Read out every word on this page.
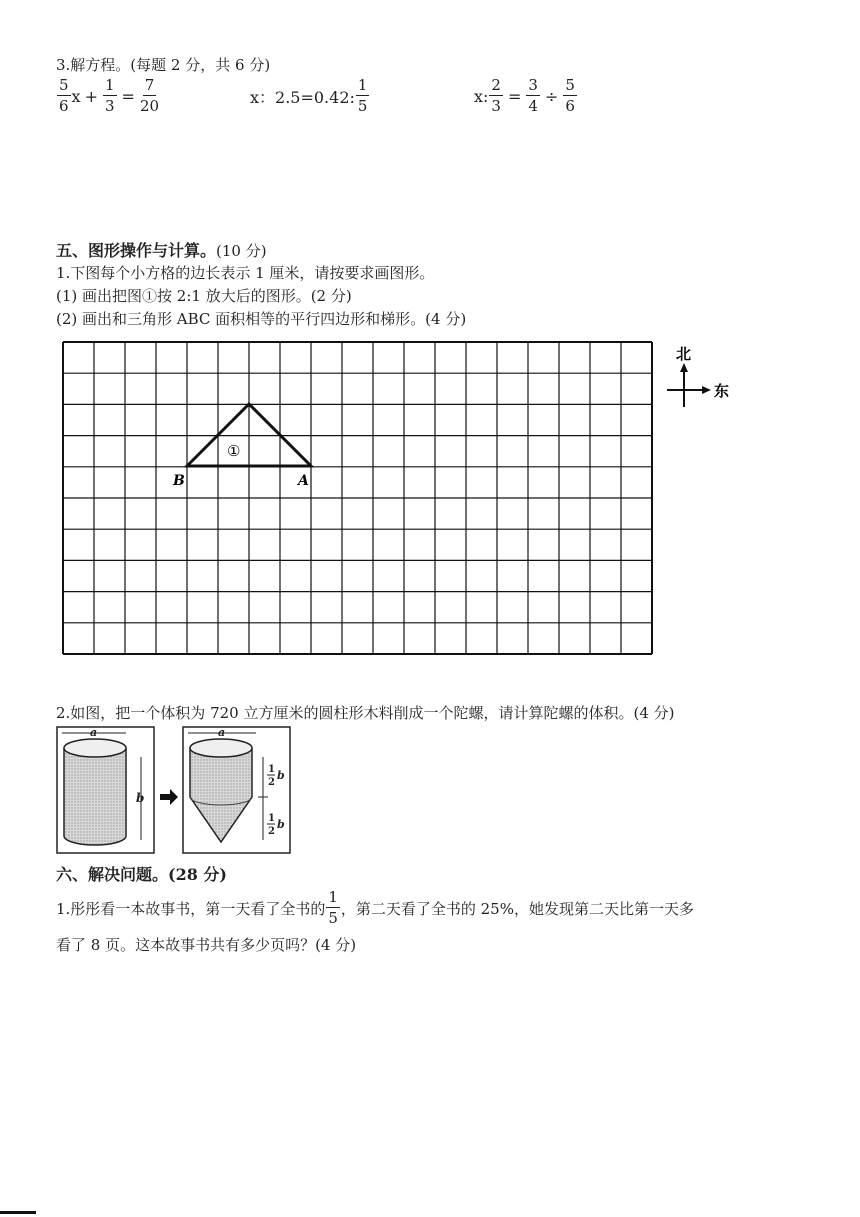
3.解方程。(每题 2 分，共 6 分)
$\frac{5}{6}$ $x + \frac{1}{3} = \frac{7}{20}$	x：2.5=0.42: $\frac{1}{5}$	x: $\frac{2}{3} = \frac{3}{4} \div \frac{5}{6}$
五、图形操作与计算。(10 分)
1.下图每个小方格的边长表示 1 厘米，请按要求画图形。
(1) 画出把图①按 2:1 放大后的图形。(2 分)
(2) 画出和三角形 ABC 面积相等的平行四边形和梯形。(4 分)
①
B	A
北
东
2.如图，把一个体积为 720 立方厘米的圆柱形木料削成一个陀螺，请计算陀螺的体积。(4 分)
a
b
a
1
2
b
1
2
b
六、解决问题。(28 分)
1.彤彤看一本故事书，第一天看了全书的 $\frac{1}{5}$ ，第二天看了全书的 25%，她发现第二天比第一天多
看了 8 页。这本故事书共有多少页吗？(4 分)
